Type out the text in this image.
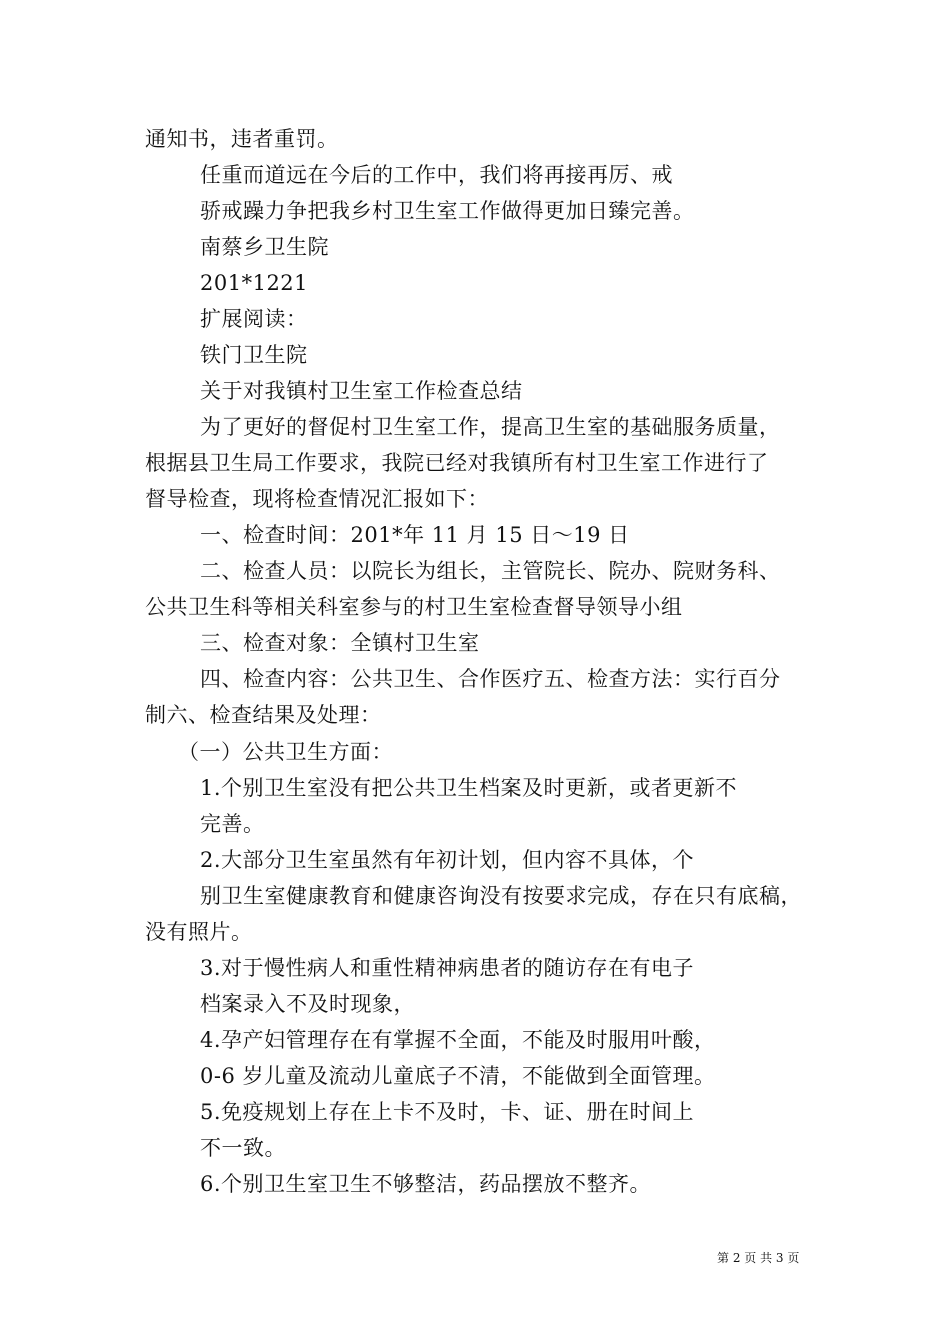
通知书，违者重罚。
任重而道远在今后的工作中，我们将再接再厉、戒
骄戒躁力争把我乡村卫生室工作做得更加日臻完善。
南蔡乡卫生院
201*1221
扩展阅读：
铁门卫生院
关于对我镇村卫生室工作检查总结
为了更好的督促村卫生室工作，提高卫生室的基础服务质量，
根据县卫生局工作要求，我院已经对我镇所有村卫生室工作进行了
督导检查，现将检查情况汇报如下：
一、检查时间：201*年 11 月 15 日～19 日
二、检查人员：以院长为组长，主管院长、院办、院财务科、
公共卫生科等相关科室参与的村卫生室检查督导领导小组
三、检查对象：全镇村卫生室
四、检查内容：公共卫生、合作医疗五、检查方法：实行百分
制六、检查结果及处理：
（一）公共卫生方面：
1.个别卫生室没有把公共卫生档案及时更新，或者更新不
完善。
2.大部分卫生室虽然有年初计划，但内容不具体，个
别卫生室健康教育和健康咨询没有按要求完成，存在只有底稿，
没有照片。
3.对于慢性病人和重性精神病患者的随访存在有电子
档案录入不及时现象，
4.孕产妇管理存在有掌握不全面，不能及时服用叶酸，
0-6 岁儿童及流动儿童底子不清，不能做到全面管理。
5.免疫规划上存在上卡不及时，卡、证、册在时间上
不一致。
6.个别卫生室卫生不够整洁，药品摆放不整齐。
第 2 页 共 3 页
